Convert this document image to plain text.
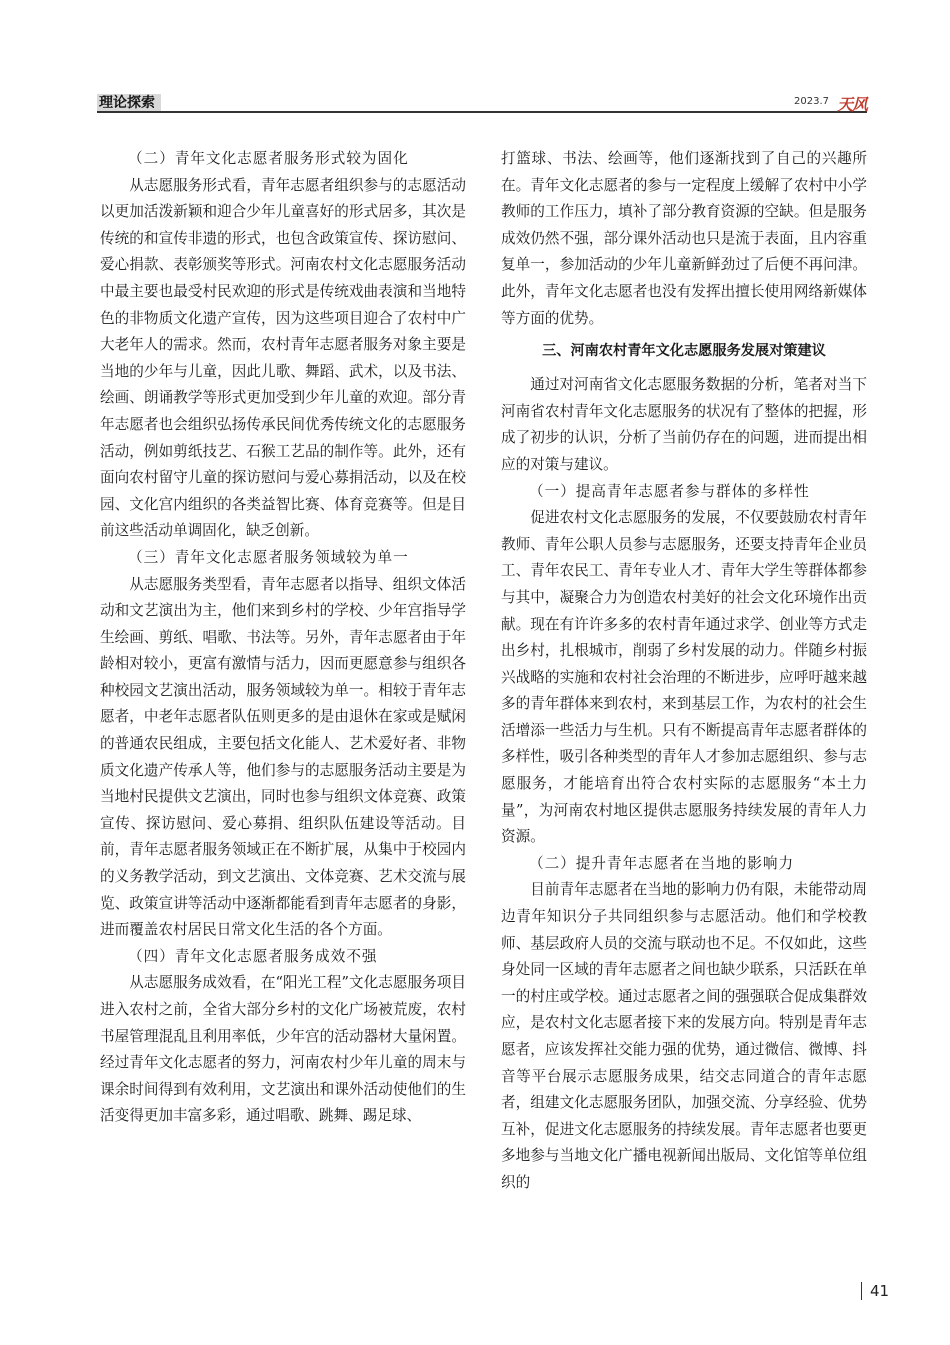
理论探索	2023.7 天风
（二）青年文化志愿者服务形式较为固化

从志愿服务形式看，青年志愿者组织参与的志愿活动以更加活泼新颖和迎合少年儿童喜好的形式居多，其次是传统的和宣传非遗的形式，也包含政策宣传、探访慰问、爱心捐款、表彰颁奖等形式。河南农村文化志愿服务活动中最主要也最受村民欢迎的形式是传统戏曲表演和当地特色的非物质文化遗产宣传，因为这些项目迎合了农村中广大老年人的需求。然而，农村青年志愿者服务对象主要是当地的少年与儿童，因此儿歌、舞蹈、武术，以及书法、绘画、朗诵教学等形式更加受到少年儿童的欢迎。部分青年志愿者也会组织弘扬传承民间优秀传统文化的志愿服务活动，例如剪纸技艺、石猴工艺品的制作等。此外，还有面向农村留守儿童的探访慰问与爱心募捐活动，以及在校园、文化宫内组织的各类益智比赛、体育竞赛等。但是目前这些活动单调固化，缺乏创新。

（三）青年文化志愿者服务领域较为单一

从志愿服务类型看，青年志愿者以指导、组织文体活动和文艺演出为主，他们来到乡村的学校、少年宫指导学生绘画、剪纸、唱歌、书法等。另外，青年志愿者由于年龄相对较小，更富有激情与活力，因而更愿意参与组织各种校园文艺演出活动，服务领域较为单一。相较于青年志愿者，中老年志愿者队伍则更多的是由退休在家或是赋闲的普通农民组成，主要包括文化能人、艺术爱好者、非物质文化遗产传承人等，他们参与的志愿服务活动主要是为当地村民提供文艺演出，同时也参与组织文体竞赛、政策宣传、探访慰问、爱心募捐、组织队伍建设等活动。目前，青年志愿者服务领域正在不断扩展，从集中于校园内的义务教学活动，到文艺演出、文体竞赛、艺术交流与展览、政策宣讲等活动中逐渐都能看到青年志愿者的身影，进而覆盖农村居民日常文化生活的各个方面。

（四）青年文化志愿者服务成效不强

从志愿服务成效看，在“阳光工程”文化志愿服务项目进入农村之前，全省大部分乡村的文化广场被荒废，农村书屋管理混乱且利用率低，少年宫的活动器材大量闲置。经过青年文化志愿者的努力，河南农村少年儿童的周末与课余时间得到有效利用，文艺演出和课外活动使他们的生活变得更加丰富多彩，通过唱歌、跳舞、踢足球、

打篮球、书法、绘画等，他们逐渐找到了自己的兴趣所在。青年文化志愿者的参与一定程度上缓解了农村中小学教师的工作压力，填补了部分教育资源的空缺。但是服务成效仍然不强，部分课外活动也只是流于表面，且内容重复单一，参加活动的少年儿童新鲜劲过了后便不再问津。此外，青年文化志愿者也没有发挥出擅长使用网络新媒体等方面的优势。

三、河南农村青年文化志愿服务发展对策建议

通过对河南省文化志愿服务数据的分析，笔者对当下河南省农村青年文化志愿服务的状况有了整体的把握，形成了初步的认识，分析了当前仍存在的问题，进而提出相应的对策与建议。

（一）提高青年志愿者参与群体的多样性

促进农村文化志愿服务的发展，不仅要鼓励农村青年教师、青年公职人员参与志愿服务，还要支持青年企业员工、青年农民工、青年专业人才、青年大学生等群体都参与其中，凝聚合力为创造农村美好的社会文化环境作出贡献。现在有许许多多的农村青年通过求学、创业等方式走出乡村，扎根城市，削弱了乡村发展的动力。伴随乡村振兴战略的实施和农村社会治理的不断进步，应呼吁越来越多的青年群体来到农村，来到基层工作，为农村的社会生活增添一些活力与生机。只有不断提高青年志愿者群体的多样性，吸引各种类型的青年人才参加志愿组织、参与志愿服务，才能培育出符合农村实际的志愿服务“本土力量”，为河南农村地区提供志愿服务持续发展的青年人力资源。

（二）提升青年志愿者在当地的影响力

目前青年志愿者在当地的影响力仍有限，未能带动周边青年知识分子共同组织参与志愿活动。他们和学校教师、基层政府人员的交流与联动也不足。不仅如此，这些身处同一区域的青年志愿者之间也缺少联系，只活跃在单一的村庄或学校。通过志愿者之间的强强联合促成集群效应，是农村文化志愿者接下来的发展方向。特别是青年志愿者，应该发挥社交能力强的优势，通过微信、微博、抖音等平台展示志愿服务成果，结交志同道合的青年志愿者，组建文化志愿服务团队，加强交流、分享经验、优势互补，促进文化志愿服务的持续发展。青年志愿者也要更多地参与当地文化广播电视新闻出版局、文化馆等单位组织的

41
